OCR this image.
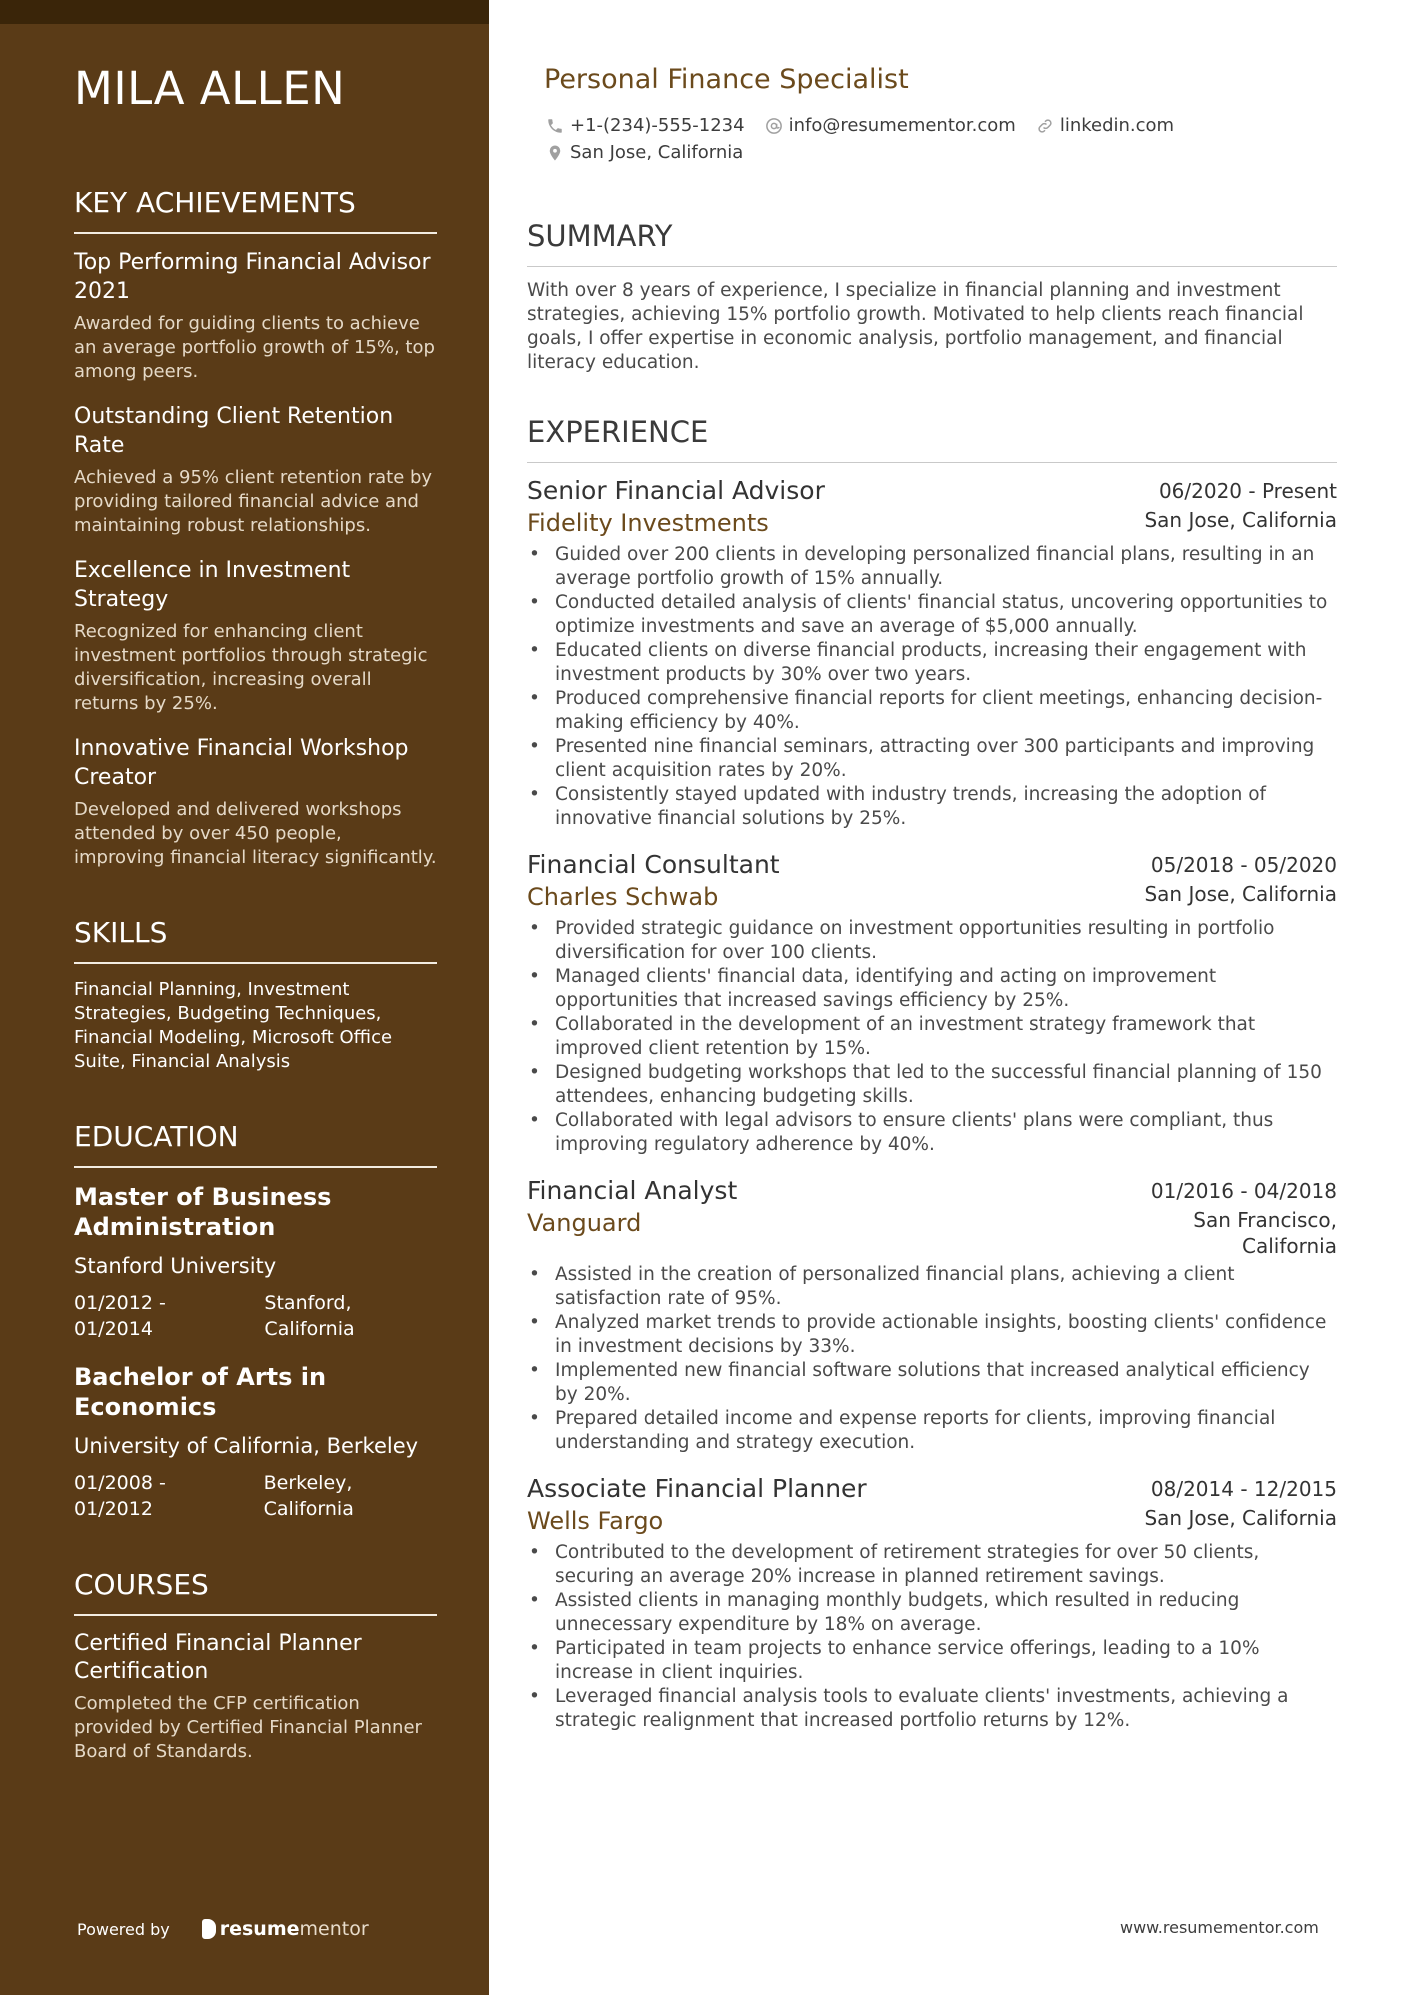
MILA ALLEN
KEY ACHIEVEMENTS
Top Performing Financial Advisor 2021
Awarded for guiding clients to achieve an average portfolio growth of 15%, top among peers.
Outstanding Client Retention Rate
Achieved a 95% client retention rate by providing tailored financial advice and maintaining robust relationships.
Excellence in Investment Strategy
Recognized for enhancing client investment portfolios through strategic diversification, increasing overall returns by 25%.
Innovative Financial Workshop Creator
Developed and delivered workshops attended by over 450 people, improving financial literacy significantly.
SKILLS
Financial Planning, Investment Strategies, Budgeting Techniques, Financial Modeling, Microsoft Office Suite, Financial Analysis
EDUCATION
Master of Business Administration
Stanford University
01/2012 - 01/2014
Stanford, California
Bachelor of Arts in Economics
University of California, Berkeley
01/2008 - 01/2012
Berkeley, California
COURSES
Certified Financial Planner Certification
Completed the CFP certification provided by Certified Financial Planner Board of Standards.
Powered by	resume mentor
Personal Finance Specialist
+1-(234)-555-1234 info@resumementor.com linkedin.com
San Jose, California
SUMMARY
With over 8 years of experience, I specialize in financial planning and investment strategies, achieving 15% portfolio growth. Motivated to help clients reach financial goals, I offer expertise in economic analysis, portfolio management, and financial literacy education.
EXPERIENCE
Senior Financial Advisor	06/2020 - Present
Fidelity Investments	San Jose, California
• Guided over 200 clients in developing personalized financial plans, resulting in an average portfolio growth of 15% annually.
• Conducted detailed analysis of clients' financial status, uncovering opportunities to optimize investments and save an average of $5,000 annually.
• Educated clients on diverse financial products, increasing their engagement with investment products by 30% over two years.
• Produced comprehensive financial reports for client meetings, enhancing decision-making efficiency by 40%.
• Presented nine financial seminars, attracting over 300 participants and improving client acquisition rates by 20%.
• Consistently stayed updated with industry trends, increasing the adoption of innovative financial solutions by 25%.
Financial Consultant	05/2018 - 05/2020
Charles Schwab	San Jose, California
• Provided strategic guidance on investment opportunities resulting in portfolio diversification for over 100 clients.
• Managed clients' financial data, identifying and acting on improvement opportunities that increased savings efficiency by 25%.
• Collaborated in the development of an investment strategy framework that improved client retention by 15%.
• Designed budgeting workshops that led to the successful financial planning of 150 attendees, enhancing budgeting skills.
• Collaborated with legal advisors to ensure clients' plans were compliant, thus improving regulatory adherence by 40%.
Financial Analyst	01/2016 - 04/2018
Vanguard	San Francisco, California
• Assisted in the creation of personalized financial plans, achieving a client satisfaction rate of 95%.
• Analyzed market trends to provide actionable insights, boosting clients' confidence in investment decisions by 33%.
• Implemented new financial software solutions that increased analytical efficiency by 20%.
• Prepared detailed income and expense reports for clients, improving financial understanding and strategy execution.
Associate Financial Planner	08/2014 - 12/2015
Wells Fargo	San Jose, California
• Contributed to the development of retirement strategies for over 50 clients, securing an average 20% increase in planned retirement savings.
• Assisted clients in managing monthly budgets, which resulted in reducing unnecessary expenditure by 18% on average.
• Participated in team projects to enhance service offerings, leading to a 10% increase in client inquiries.
• Leveraged financial analysis tools to evaluate clients' investments, achieving a strategic realignment that increased portfolio returns by 12%.
www.resumementor.com
